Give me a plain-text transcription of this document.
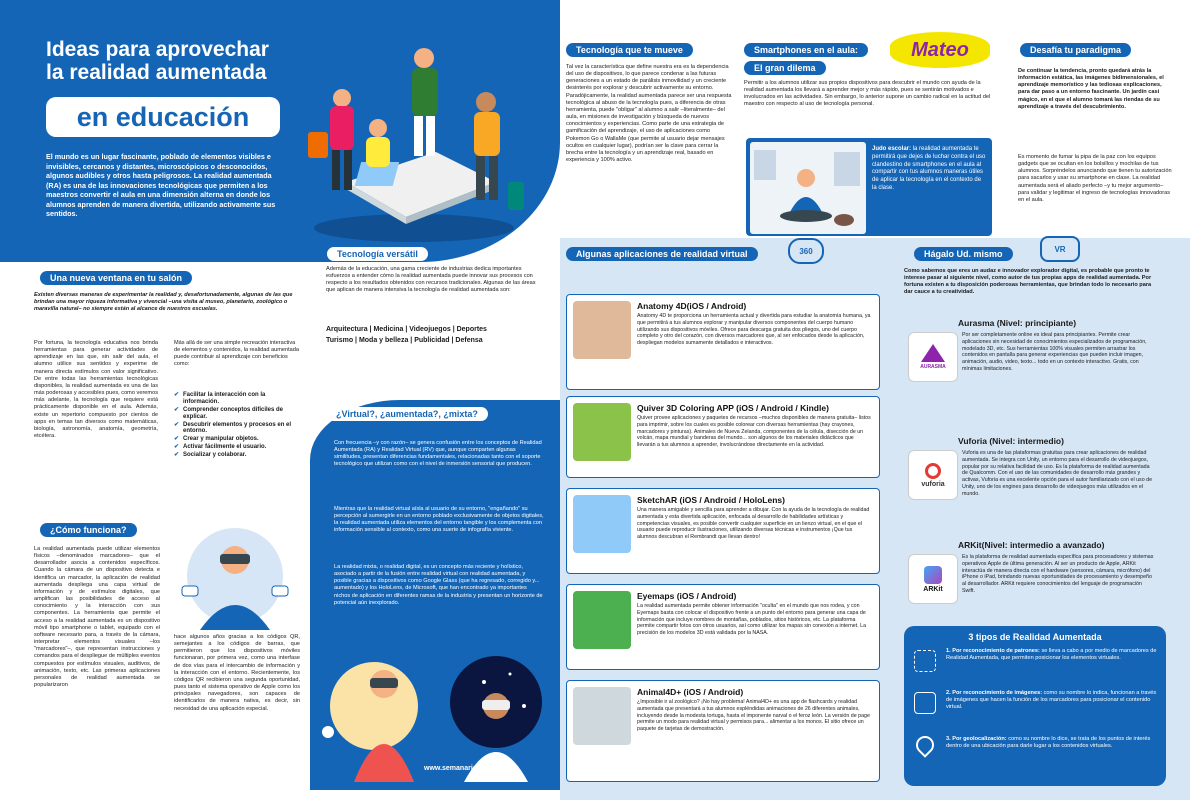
Ideas para aprovechar
la realidad aumentada
en educación
El mundo es un lugar fascinante, poblado de elementos visibles e invisibles, cercanos y distantes, microscópicos o desconocidos, algunos audibles y otros hasta peligrosos. La realidad aumentada (RA) es una de las innovaciones tecnológicas que permiten a los maestros convertir el aula en una dimensión alterna en donde los alumnos aprenden de manera divertida, utilizando activamente sus sentidos.
Una nueva ventana en tu salón
Existen diversas maneras de experimentar la realidad y, desafortunadamente, algunas de las que brindan una mayor riqueza informativa y vivencial –una visita al museo, planetario, zoológico o maravilla natural– no siempre están al alcance de nuestros escuelas.
Por fortuna, la tecnología educativa nos brinda herramientas para generar actividades de aprendizaje en las que, sin salir del aula, el alumno utilice sus sentidos y experime de manera directa estímulos con valor significativo. De entre todas las herramientas tecnológicas disponibles, la realidad aumentada es una de las más poderosas y accesibles pues, como veremos más adelante, la tecnología que requiere está prácticamente disponible en el aula. Además, existe un repertorio compuesto por cientos de apps en temas tan diversos como matemáticas, biología, astronomía, anatomía, geometría, etcétera.
Más allá de ser una simple recreación interactiva de elementos y contenidos, la realidad aumentada puede contribuir al aprendizaje con beneficios como:
✔ Facilitar la interacción con la información.
✔ Comprender conceptos difíciles de explicar.
✔ Descubrir elementos y procesos en el entorno.
✔ Crear y manipular objetos.
✔ Activar fácilmente el usuario.
✔ Socializar y colaborar.
¿Cómo funciona?
La realidad aumentada puede utilizar elementos físicos –denominados marcadores– que el desarrollador asocia a contenidos específicos. Cuando la cámara de un dispositivo detecta e identifica un marcador, la aplicación de realidad aumentada despliega una capa virtual de información y de estímulos digitales, que amplifican las posibilidades de acceso al conocimiento y la interacción con sus componentes. La herramienta que permite el acceso a la realidad aumentada es un dispositivo móvil tipo smartphone o tablet, equipado con el software necesario para, a través de la cámara, interpretar elementos visuales –los "marcadores"–, que representan instrucciones y comandos para el despliegue de múltiples eventos compuestos por estímulos visuales, auditivos, de animación, texto, etc. Las primeras aplicaciones personales de realidad aumentada se popularizaron
hace algunos años gracias a los códigos QR, semejantes a los códigos de barras, que permitieron que los dispositivos móviles funcionaran, por primera vez, como una interfase de dos vías para el intercambio de información y la interacción con el entorno. Recientemente, los códigos QR recibieron una segunda oportunidad, pues tanto el sistema operativo de Apple como los principales navegadores, son capaces de identificarlos de manera nativa, es decir, sin necesidad de una aplicación especial.
Tecnología versátil
Además de la educación, una gama creciente de industrias dedica importantes esfuerzos a entender cómo la realidad aumentada puede innovar sus procesos con respecto a los resultados obtenidos con recursos tradicionales. Algunas de las áreas que aplican de manera intensiva la tecnología de realidad aumentada son:
Arquitectura | Medicina | Videojuegos | Deportes
Turismo | Moda y belleza | Publicidad | Defensa
¿Virtual?, ¿aumentada?, ¿mixta?
Con frecuencia –y con razón– se genera confusión entre los conceptos de Realidad Aumentada (RA) y Realidad Virtual (RV) que, aunque comparten algunas similitudes, presentan diferencias fundamentales, relacionadas tanto con el soporte tecnológico que utilizan como con el nivel de inmersión sensorial que producen.
Mientras que la realidad virtual aísla al usuario de su entorno, "engañando" su percepción al sumergirle en un entorno poblado exclusivamente de objetos digitales, la realidad aumentada utiliza elementos del entorno tangible y los complementa con información sensible al contexto, como una suerte de infografía viviente.
La realidad mixta, o realidad digital, es un concepto más reciente y holístico, asociado a partir de la fusión entre realidad virtual con realidad aumentada, y posible gracias a dispositivos como Google Glass (que ha regresado, corregido y... aumentado) y los HoloLens, de Microsoft, que han encontrado ya importantes nichos de aplicación en diferentes ramas de la industria y presentan un horizonte de potencial aún inexplorado.
www.semanariotiempo.it
Tecnología que te mueve
Tal vez la característica que define nuestra era es la dependencia del uso de dispositivos, lo que parece condenar a las futuras generaciones a un estado de parálisis inmovilidad y un creciente desinterés por explorar y descubrir activamente su entorno. Paradójicamente, la realidad aumentada parece ser una respuesta tecnológica al abuso de la tecnología pues, a diferencia de otras herramienta, puede "obligar" al alumno a salir –literalmente– del aula, en misiones de investigación y búsqueda de nuevos conocimientos y experiencias. Como parte de una estrategia de gamificación del aprendizaje, el uso de aplicaciones como Pokemon Go o WallaMe (que permite al usuario dejar mensajes ocultos en cualquier lugar), podrían ser la clave para cerrar la brecha entre la tecnología y un aprendizaje real, basado en experiencia y 100% activo.
Smartphones en el aula:
El gran dilema
Mateo
Permitir a los alumnos utilizar sus propios dispositivos para descubrir el mundo con ayuda de la realidad aumentada los llevará a aprender mejor y más rápido, pues se sentirán motivados e involucrados en las actividades. Sin embargo, lo anterior supone un cambio radical en la actitud del maestro con respecto al uso de tecnología personal.
Judo escolar: la realidad aumentada te permitirá que dejes de luchar contra el uso clandestino de smartphones en el aula al compartir con tus alumnos maneras útiles de aplicar la tecnología en el contexto de la clase.
Desafía tu paradigma
De continuar la tendencia, pronto quedará atrás la información estática, las imágenes bidimensionales, el aprendizaje memorístico y las tediosas explicaciones, para dar paso a un entorno fascinante. Un jardín casi mágico, en el que el alumno tomará las riendas de su aprendizaje a través del descubrimiento.
Es momento de fumar la pipa de la paz con los equipos gadgets que se ocultan en los bolsillos y mochilas de tus alumnos. Sorpréndelos anunciando que tienen tu autorización para sacarlos y usar su smartphone en clase. La realidad aumentada será el aliado perfecto –y tu mejor argumento– para validar y legitimar el ingreso de tecnologías innovadoras en el aula.
Algunas aplicaciones de realidad virtual	360
Anatomy 4D(iOS / Android)

Anatomy 4D te proporciona un herramienta actual y divertida para estudiar la anatomía humana, ya que permitirá a tus alumnos explorar y manipular diversos componentes del cuerpo humano utilizando sus dispositivos móviles. Ofrece para descarga gratuita dos pliegos, uno del cuerpo completo y otro del corazón, con diversos marcadores que, al ser enfocados desde la aplicación, despliegan modelos sumamente detallados e interactivos.

Quiver 3D Coloring APP (iOS / Android / Kindle)

Quiver provee aplicaciones y paquetes de recursos –muchos disponibles de manera gratuita– listos para imprimir, sobre los cuales es posible colorear con diversas herramientas (hay crayones, marcadores y pinturas). Animales de Nueva Zelanda, componentes de la célula, disección de un volcán, mapa mundial y banderas del mundo... son algunos de los materiales didácticos que llevarán a tus alumnos a aprender, involucrándose directamente en la actividad.

SketchAR (iOS / Android / HoloLens)

Una manera amigable y sencilla para aprender a dibujar. Con la ayuda de la tecnología de realidad aumentada y esta divertida aplicación, enfocada al desarrollo de habilidades artísticas y competencias visuales, es posible convertir cualquier superficie en un lienzo virtual, en el que el usuario puede reproducir ilustraciones, utilizando diversas técnicas e instrumentos ¡Que tus alumnos descubran el Rembrandt que llevan dentro!

Eyemaps (iOS / Android)

La realidad aumentada permite obtener información "oculta" en el mundo que nos rodea, y con Eyemaps basta con colocar el dispositivo frente a un punto del entorno para generar una capa de información que incluye nombres de montañas, poblados, sitios históricos, etc. La plataforma permite compartir fotos con otros usuarios, así como utilizar los mapas sin conexión a internet. La precisión de los modelos 3D está validada por la NASA.

Animal4D+ (iOS / Android)

¿Imposible ir al zoológico? ¡No hay problema! Animal4D+ es una app de flashcards y realidad aumentada que presentará a tus alumnos espléndidas animaciones de 26 diferentes animales, incluyendo desde la modesta tortuga, hasta el imponente narval o el feroz león. La versión de page permite un modo para realidad virtual y permisos para... alimentar a los monos. El sitio ofrece un paquete de tarjetas de demostración.

Hágalo Ud. mismo	VR
Como sabemos que eres un audaz e innovador explorador digital, es probable que pronto te interese pasar al siguiente nivel, como autor de tus propias apps de realidad aumentada. Por fortuna existen a tu disposición poderosas herramientas, que brindan todo lo necesario para dar cauce a tu creatividad.
Aurasma (Nivel: principiante)
AURASMA

Por ser completamente online es ideal para principiantes. Permite crear aplicaciones sin necesidad de conocimientos especializados de programación, modelado 3D, etc. Sus herramientas 100% visuales permiten arrastrar los contenidos en pantalla para generar experiencias que pueden incluir imagen, animación, audio, video, texto... todo en un contexto interactivo. Gratis, con mínimas limitaciones.

Vuforia (Nivel: intermedio)
vuforia

Vuforia es una de las plataformas gratuitas para crear aplicaciones de realidad aumentada. Se integra con Unity, un entorno para el desarrollo de videojuegos, popular por su relativa facilidad de uso. Es la plataforma de realidad aumentada de Qualcomm. Con el uso de las comunidades de desarrollo más grandes y activas, Vuforia es una excelente opción para el autor familiarizado con el uso de Unity, uno de los engines para desarrollo de videojuegos más utilizados en el mundo.

ARKit(Nivel: intermedio a avanzado)
ARKit

Es la plataforma de realidad aumentada específica para procesadores y sistemas operativos Apple de última generación. Al ser un producto de Apple, ARKit interactúa de manera directa con el hardware (sensores, cámara, micrófono) del iPhone o iPad, brindando nuevas oportunidades de procesamiento y desempeño al desarrollador. ARKit requiere conocimientos del lenguaje de programación Swift.

3 tipos de Realidad Aumentada
1. Por reconocimiento de patrones: se lleva a cabo a por medio de marcadores de Realidad Aumentada, que permiten posicionar los elementos virtuales.
2. Por reconocimiento de imágenes: como su nombre lo indica, funcionan a través de imágenes que hacen la función de los marcadores para posicionar el contenido virtual.
3. Por geolocalización: como su nombre lo dice, se trata de los puntos de interés dentro de una ubicación para darle lugar a los contenidos virtuales.
